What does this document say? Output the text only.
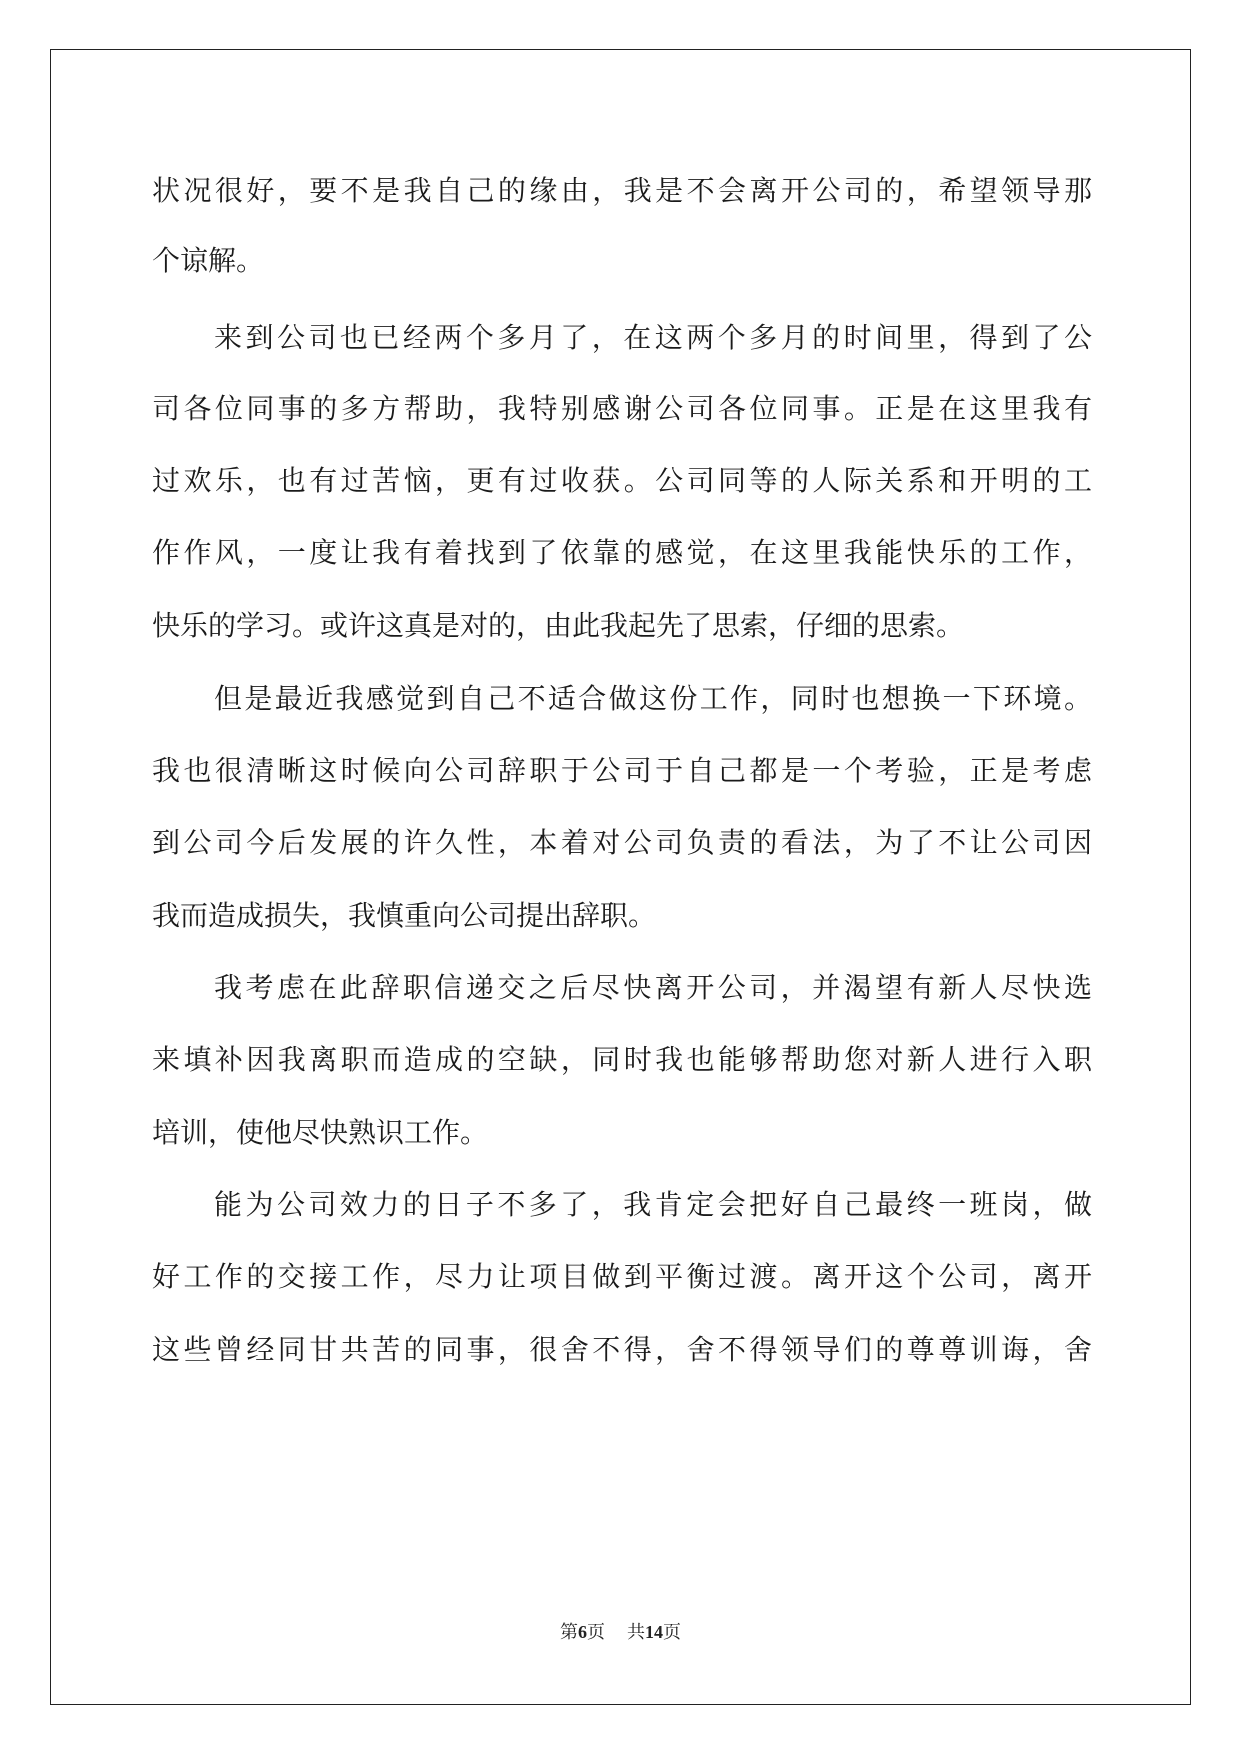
状况很好，要不是我自己的缘由，我是不会离开公司的，希望领导那
个谅解。
来到公司也已经两个多月了，在这两个多月的时间里，得到了公
司各位同事的多方帮助，我特别感谢公司各位同事。正是在这里我有
过欢乐，也有过苦恼，更有过收获。公司同等的人际关系和开明的工
作作风，一度让我有着找到了依靠的感觉，在这里我能快乐的工作，
快乐的学习。或许这真是对的，由此我起先了思索，仔细的思索。
但是最近我感觉到自己不适合做这份工作，同时也想换一下环境。
我也很清晰这时候向公司辞职于公司于自己都是一个考验，正是考虑
到公司今后发展的许久性，本着对公司负责的看法，为了不让公司因
我而造成损失，我慎重向公司提出辞职。
我考虑在此辞职信递交之后尽快离开公司，并渴望有新人尽快选
来填补因我离职而造成的空缺，同时我也能够帮助您对新人进行入职
培训，使他尽快熟识工作。
能为公司效力的日子不多了，我肯定会把好自己最终一班岗，做
好工作的交接工作，尽力让项目做到平衡过渡。离开这个公司，离开
这些曾经同甘共苦的同事，很舍不得，舍不得领导们的尊尊训诲，舍
第6页 共14页
